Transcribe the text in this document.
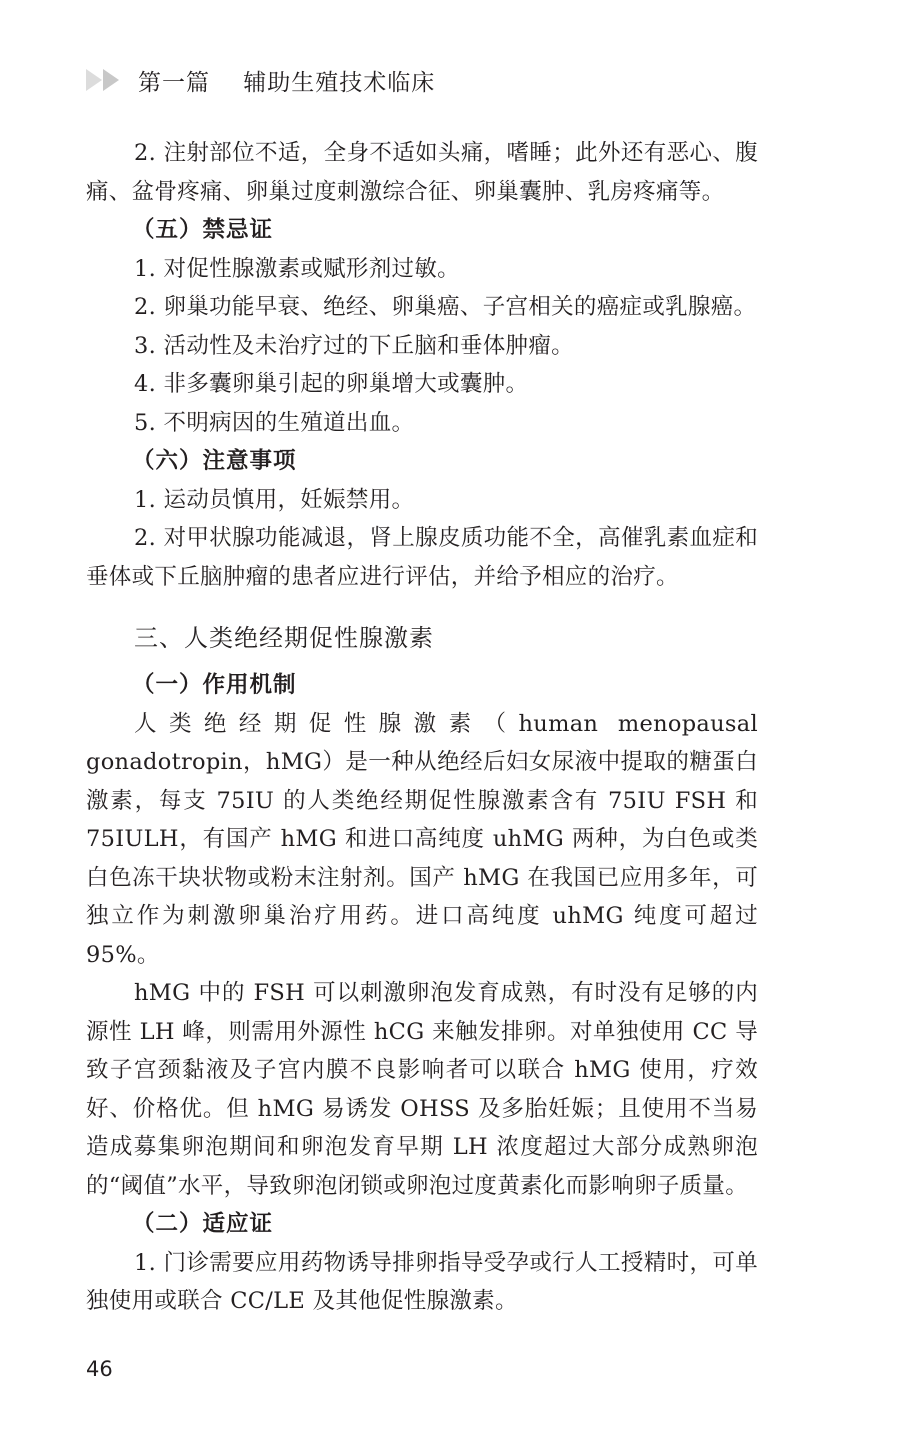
第一篇    辅助生殖技术临床

2. 注射部位不适，全身不适如头痛，嗜睡；此外还有恶心、腹痛、盆骨疼痛、卵巢过度刺激综合征、卵巢囊肿、乳房疼痛等。

（五）禁忌证

1. 对促性腺激素或赋形剂过敏。

2. 卵巢功能早衰、绝经、卵巢癌、子宫相关的癌症或乳腺癌。

3. 活动性及未治疗过的下丘脑和垂体肿瘤。

4. 非多囊卵巢引起的卵巢增大或囊肿。

5. 不明病因的生殖道出血。

（六）注意事项

1. 运动员慎用，妊娠禁用。

2. 对甲状腺功能减退，肾上腺皮质功能不全，高催乳素血症和垂体或下丘脑肿瘤的患者应进行评估，并给予相应的治疗。

三、人类绝经期促性腺激素

（一）作用机制

人类绝经期促性腺激素（human menopausal gonadotropin，hMG）是一种从绝经后妇女尿液中提取的糖蛋白激素，每支 75IU 的人类绝经期促性腺激素含有 75IU FSH 和 75IULH，有国产 hMG 和进口高纯度 uhMG 两种，为白色或类白色冻干块状物或粉末注射剂。国产 hMG 在我国已应用多年，可独立作为刺激卵巢治疗用药。进口高纯度 uhMG 纯度可超过 95%。

hMG 中的 FSH 可以刺激卵泡发育成熟，有时没有足够的内源性 LH 峰，则需用外源性 hCG 来触发排卵。对单独使用 CC 导致子宫颈黏液及子宫内膜不良影响者可以联合 hMG 使用，疗效好、价格优。但 hMG 易诱发 OHSS 及多胎妊娠；且使用不当易造成募集卵泡期间和卵泡发育早期 LH 浓度超过大部分成熟卵泡的“阈值”水平，导致卵泡闭锁或卵泡过度黄素化而影响卵子质量。

（二）适应证

1. 门诊需要应用药物诱导排卵指导受孕或行人工授精时，可单独使用或联合 CC/LE 及其他促性腺激素。

46
